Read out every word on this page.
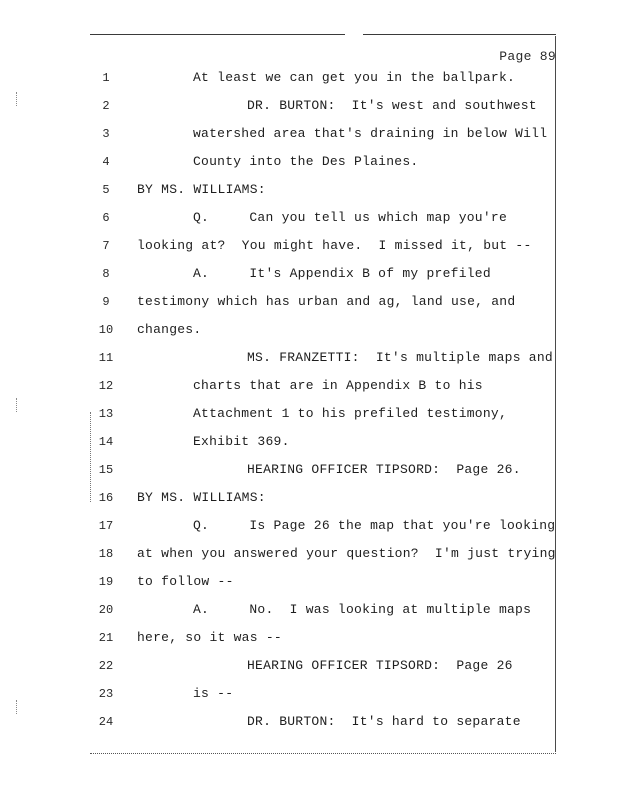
Page 89
1	At least we can get you in the ballpark.
2	DR. BURTON:  It's west and southwest
3	watershed area that's draining in below Will
4	County into the Des Plaines.
5	BY MS. WILLIAMS:
6	Q.     Can you tell us which map you're
7	looking at?  You might have.  I missed it, but --
8	A.     It's Appendix B of my prefiled
9	testimony which has urban and ag, land use, and
10	changes.
11	MS. FRANZETTI:  It's multiple maps and
12	charts that are in Appendix B to his
13	Attachment 1 to his prefiled testimony,
14	Exhibit 369.
15	HEARING OFFICER TIPSORD:  Page 26.
16	BY MS. WILLIAMS:
17	Q.     Is Page 26 the map that you're looking
18	at when you answered your question?  I'm just trying
19	to follow --
20	A.     No.  I was looking at multiple maps
21	here, so it was --
22	HEARING OFFICER TIPSORD:  Page 26
23	is --
24	DR. BURTON:  It's hard to separate
